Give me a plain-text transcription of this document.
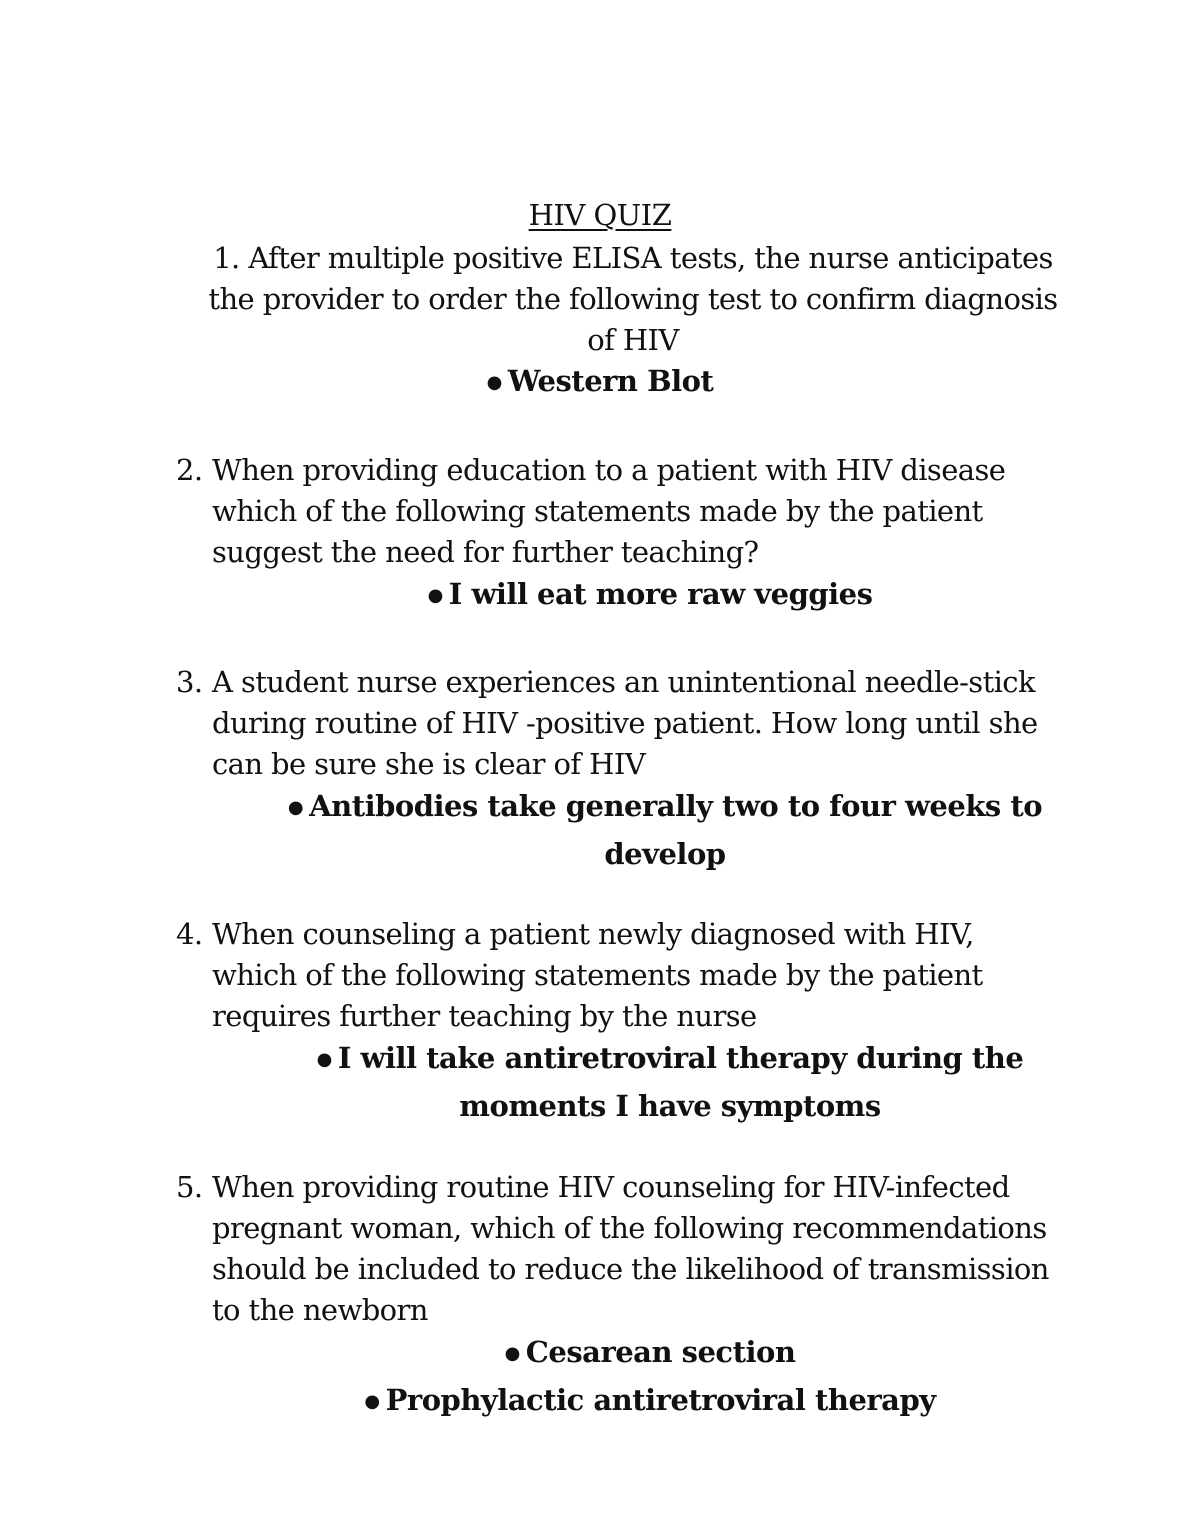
HIV QUIZ
1. After multiple positive ELISA tests, the nurse anticipates the provider to order the following test to confirm diagnosis of HIV
● Western Blot
2. When providing education to a patient with HIV disease which of the following statements made by the patient suggest the need for further teaching?
● I will eat more raw veggies
3. A student nurse experiences an unintentional needle-stick during routine of HIV -positive patient. How long until she can be sure she is clear of HIV
● Antibodies take generally two to four weeks to develop
4. When counseling a patient newly diagnosed with HIV, which of the following statements made by the patient requires further teaching by the nurse
● I will take antiretroviral therapy during the moments I have symptoms
5. When providing routine HIV counseling for HIV-infected pregnant woman, which of the following recommendations should be included to reduce the likelihood of transmission to the newborn
● Cesarean section
● Prophylactic antiretroviral therapy
